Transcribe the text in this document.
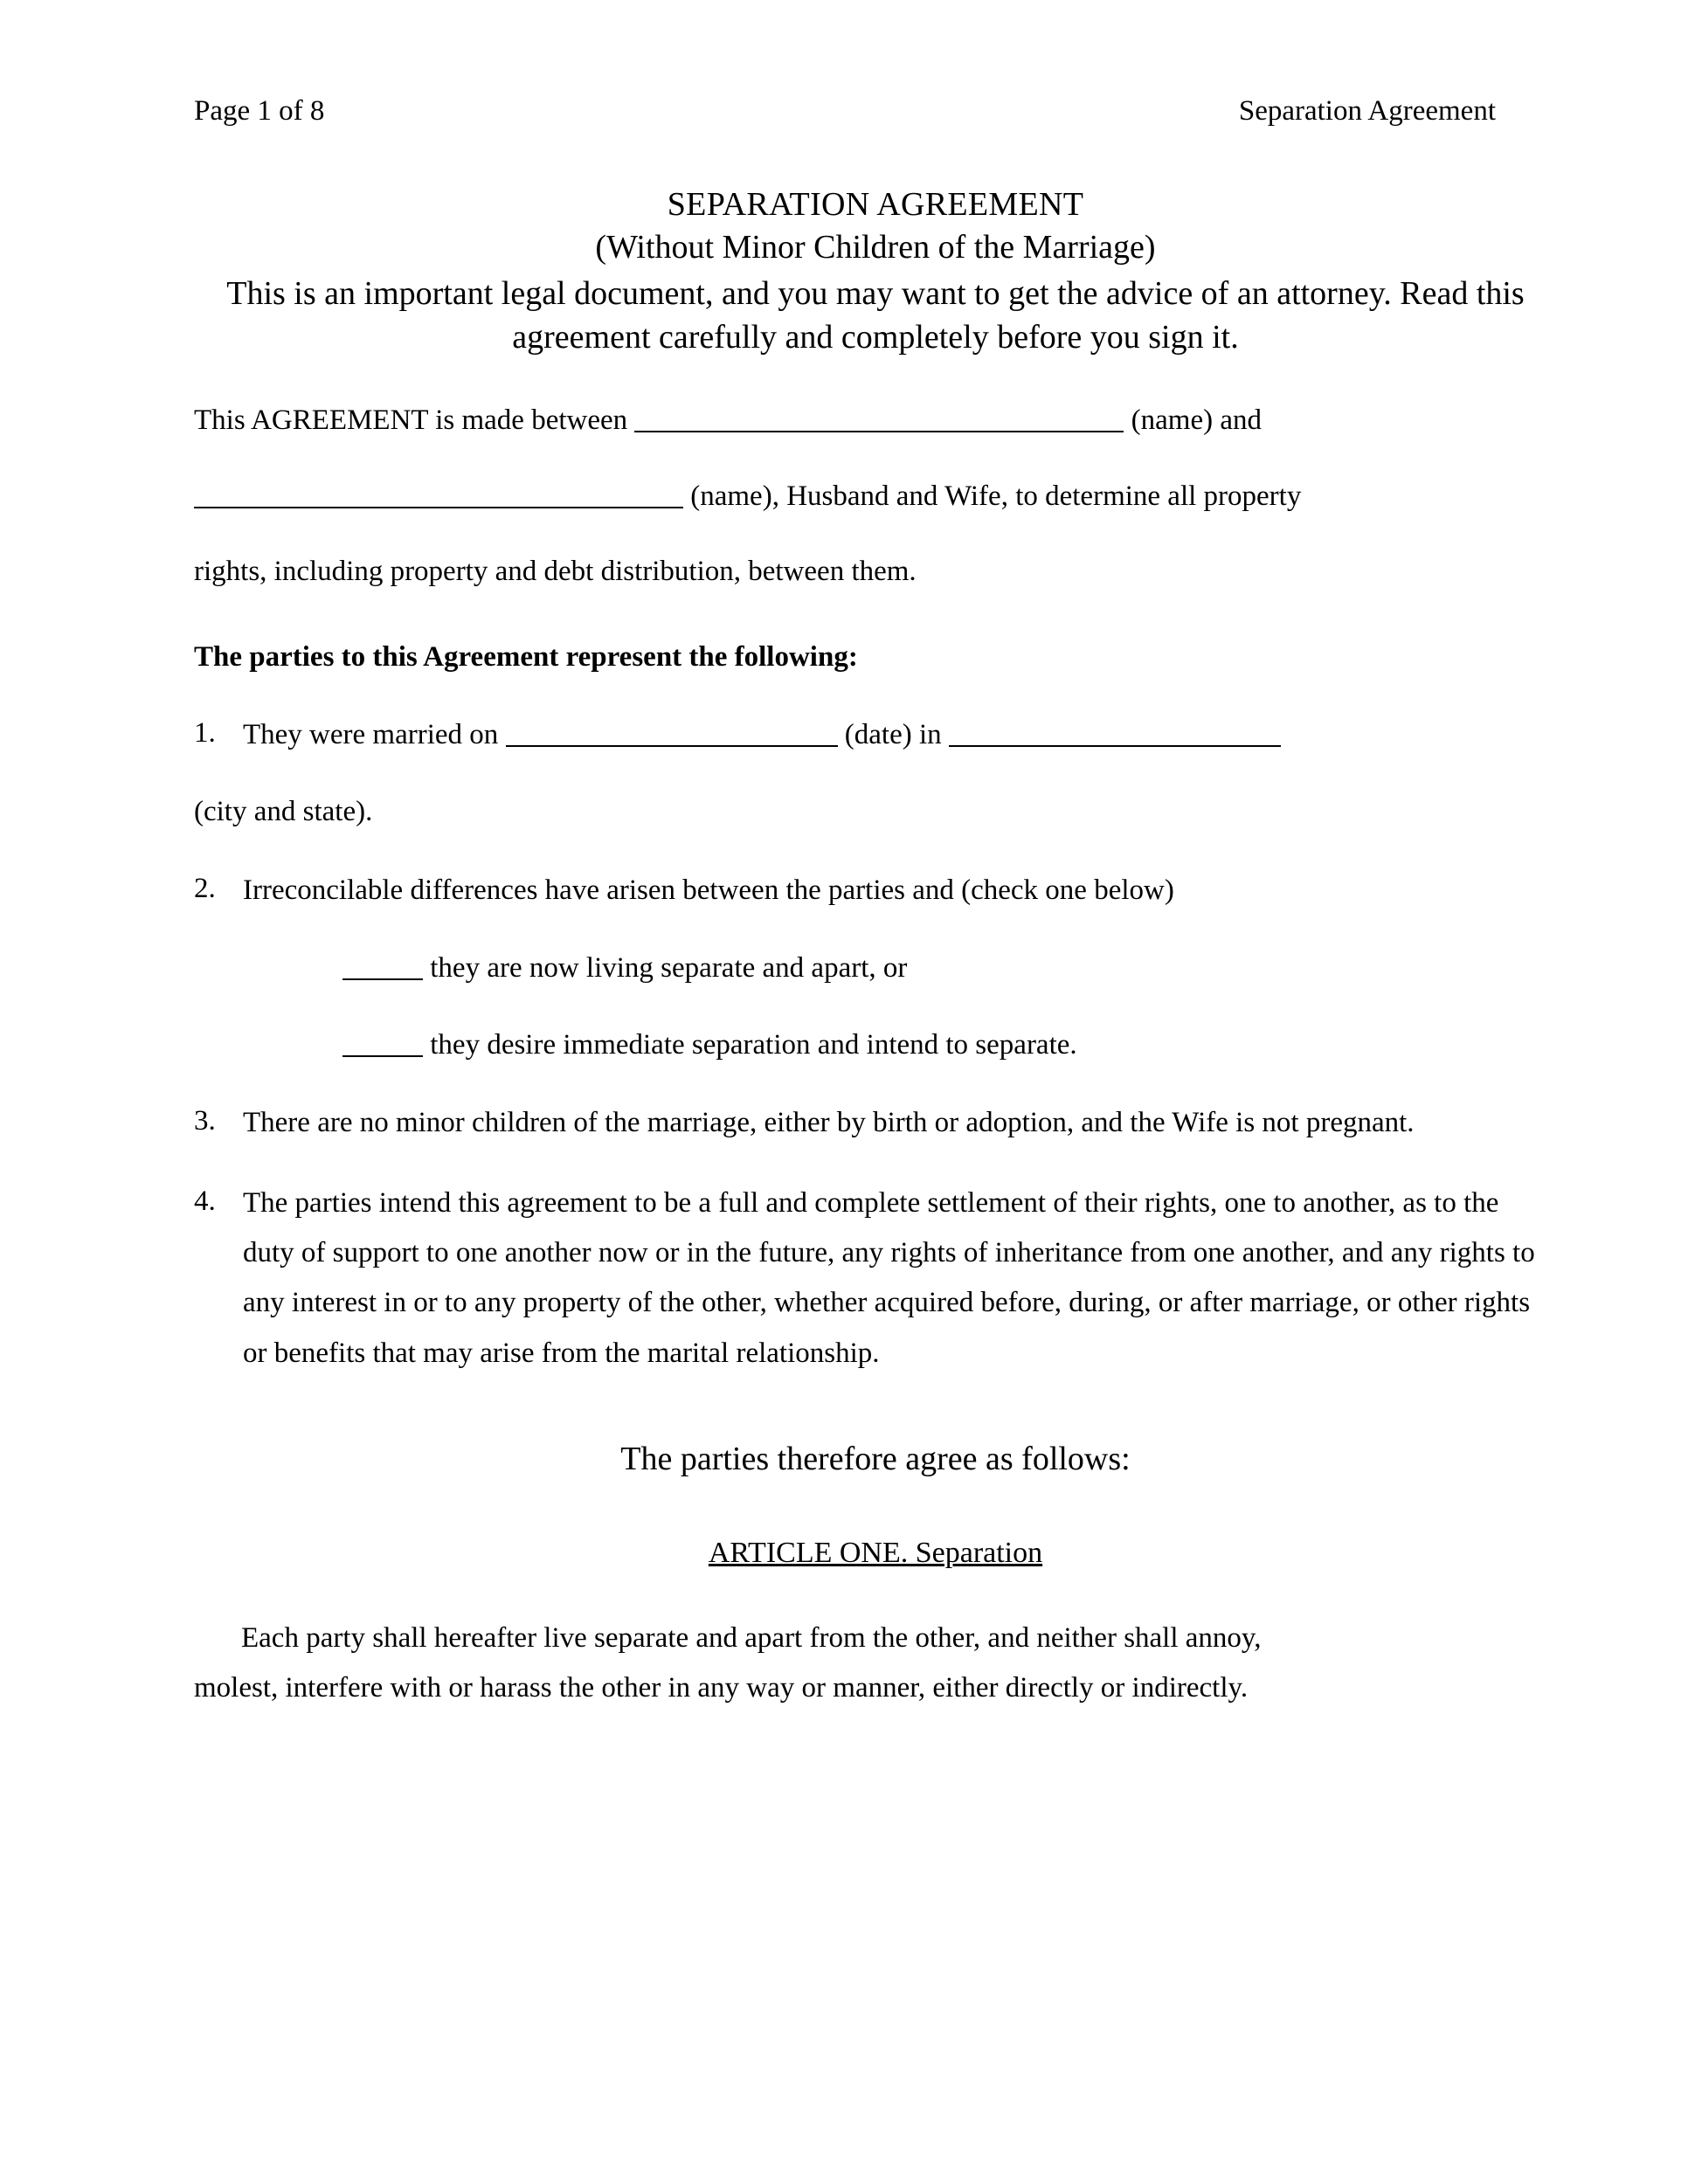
Page 1 of 8	Separation Agreement
SEPARATION AGREEMENT
(Without Minor Children of the Marriage)
This is an important legal document, and you may want to get the advice of an attorney. Read this agreement carefully and completely before you sign it.

This AGREEMENT is made between	(name) and

(name), Husband and Wife, to determine all property

rights, including property and debt distribution, between them.

The parties to this Agreement represent the following:

1. They were married on	(date) in

(city and state).

2. Irreconcilable differences have arisen between the parties and (check one below)
they are now living separate and apart, or
they desire immediate separation and intend to separate.
3. There are no minor children of the marriage, either by birth or adoption, and the Wife is not pregnant.
4. The parties intend this agreement to be a full and complete settlement of their rights, one to another, as to the duty of support to one another now or in the future, any rights of inheritance from one another, and any rights to any interest in or to any property of the other, whether acquired before, during, or after marriage, or other rights or benefits that may arise from the marital relationship.
The parties therefore agree as follows:
ARTICLE ONE. Separation
Each party shall hereafter live separate and apart from the other, and neither shall annoy,
molest, interfere with or harass the other in any way or manner, either directly or indirectly.
